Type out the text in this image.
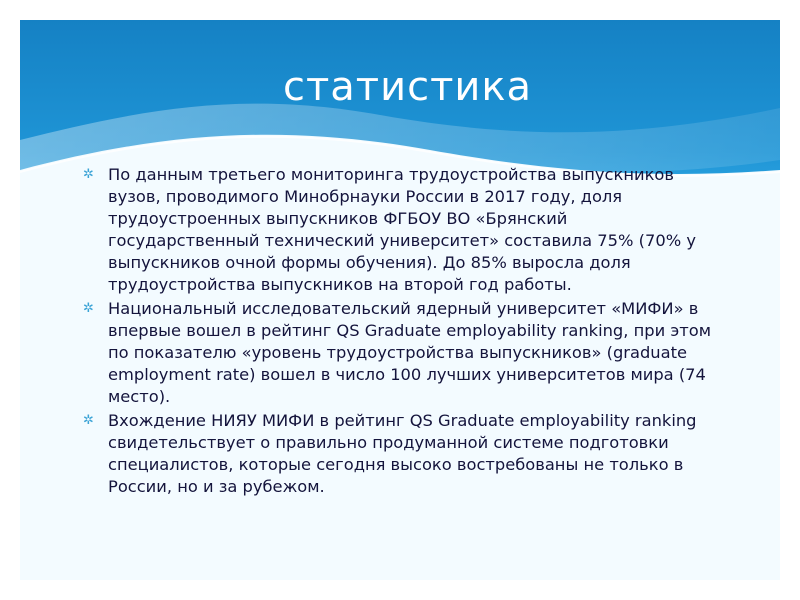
статистика
✲ По данным третьего мониторинга трудоустройства выпускников вузов, проводимого Минобрнауки России в 2017 году, доля трудоустроенных выпускников ФГБОУ ВО «Брянский государственный технический университет» составила 75% (70% у выпускников очной формы обучения). До 85% выросла доля трудоустройства выпускников на второй год работы.
✲ Национальный исследовательский ядерный университет «МИФИ» в впервые вошел в рейтинг QS Graduate employability ranking, при этом по показателю «уровень трудоустройства выпускников» (graduate employment rate) вошел в число 100 лучших университетов мира (74 место).
✲ Вхождение НИЯУ МИФИ в рейтинг QS Graduate employability ranking свидетельствует о правильно продуманной системе подготовки специалистов, которые сегодня высоко востребованы не только в России, но и за рубежом.
